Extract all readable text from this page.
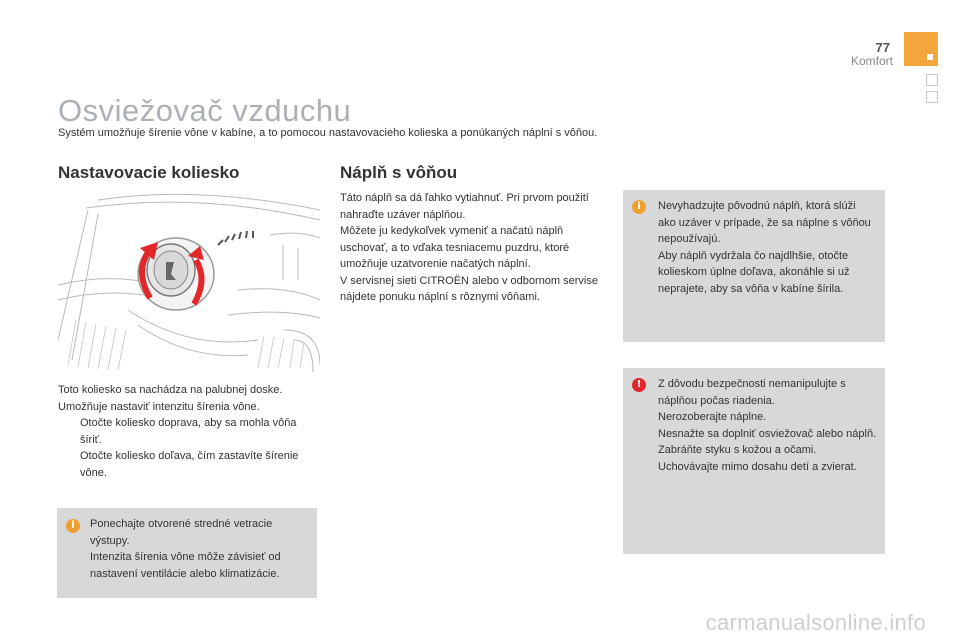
77
Komfort
Osviežovač vzduchu
Systém umožňuje šírenie vône v kabíne, a to pomocou nastavovacieho kolieska a ponúkaných náplní s vôňou.
Nastavovacie koliesko
Toto koliesko sa nachádza na palubnej doske.
Umožňuje nastaviť intenzitu šírenia vône.
Otočte koliesko doprava, aby sa mohla vôňa šíriť.
Otočte koliesko doľava, čím zastavíte šírenie vône.
i	Ponechajte otvorené stredné vetracie výstupy.
Intenzita šírenia vône môže závisieť od nastavení ventilácie alebo klimatizácie.
Náplň s vôňou
Táto náplň sa dá ľahko vytiahnuť. Pri prvom použití nahraďte uzáver náplňou.
Môžete ju kedykoľvek vymeniť a načatú náplň uschovať, a to vďaka tesniacemu puzdru, ktoré umožňuje uzatvorenie načatých náplní.
V servisnej sieti CITROËN alebo v odbornom servise nájdete ponuku náplní s rôznymi vôňami.
i	Nevyhadzujte pôvodnú náplň, ktorá slúži ako uzáver v prípade, že sa náplne s vôňou nepoužívajú.
Aby náplň vydržala čo najdlhšie, otočte kolieskom úplne doľava, akonáhle si už neprajete, aby sa vôňa v kabíne šírila.
!	Z dôvodu bezpečnosti nemanipulujte s náplňou počas riadenia.
Nerozoberajte náplne.
Nesnažte sa doplniť osviežovač alebo náplň.
Zabráňte styku s kožou a očami.
Uchovávajte mimo dosahu detí a zvierat.
carmanualsonline.info
